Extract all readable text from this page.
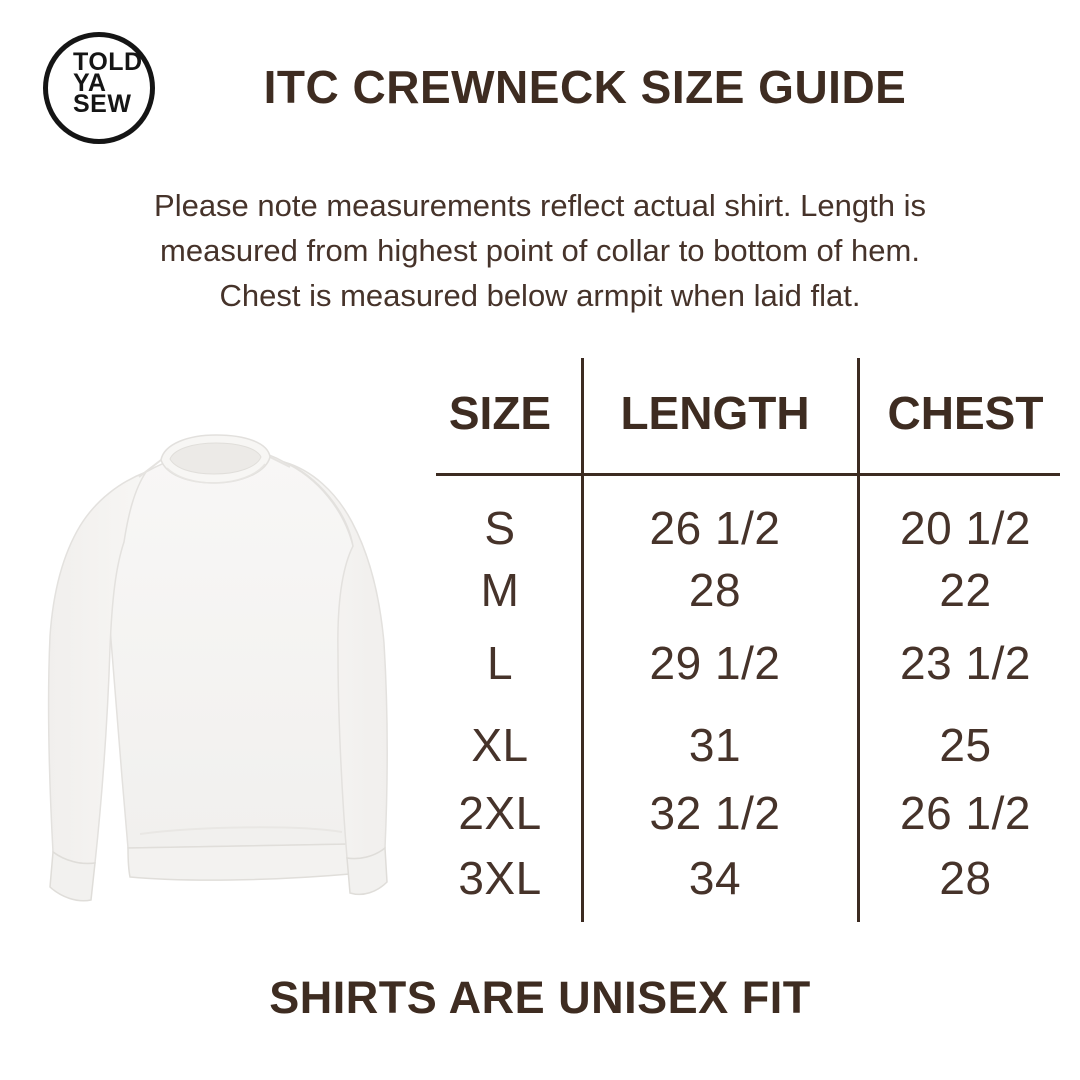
TOLD
YA
SEW	ITC CREWNECK SIZE GUIDE
Please note measurements reflect actual shirt. Length is
measured from highest point of collar to bottom of hem.
Chest is measured below armpit when laid flat.
SIZE	LENGTH	CHEST
S	26 1/2	20 1/2
M	28	22
L	29 1/2	23 1/2
XL	31	25
2XL	32 1/2	26 1/2
3XL	34	28
SHIRTS ARE UNISEX FIT
